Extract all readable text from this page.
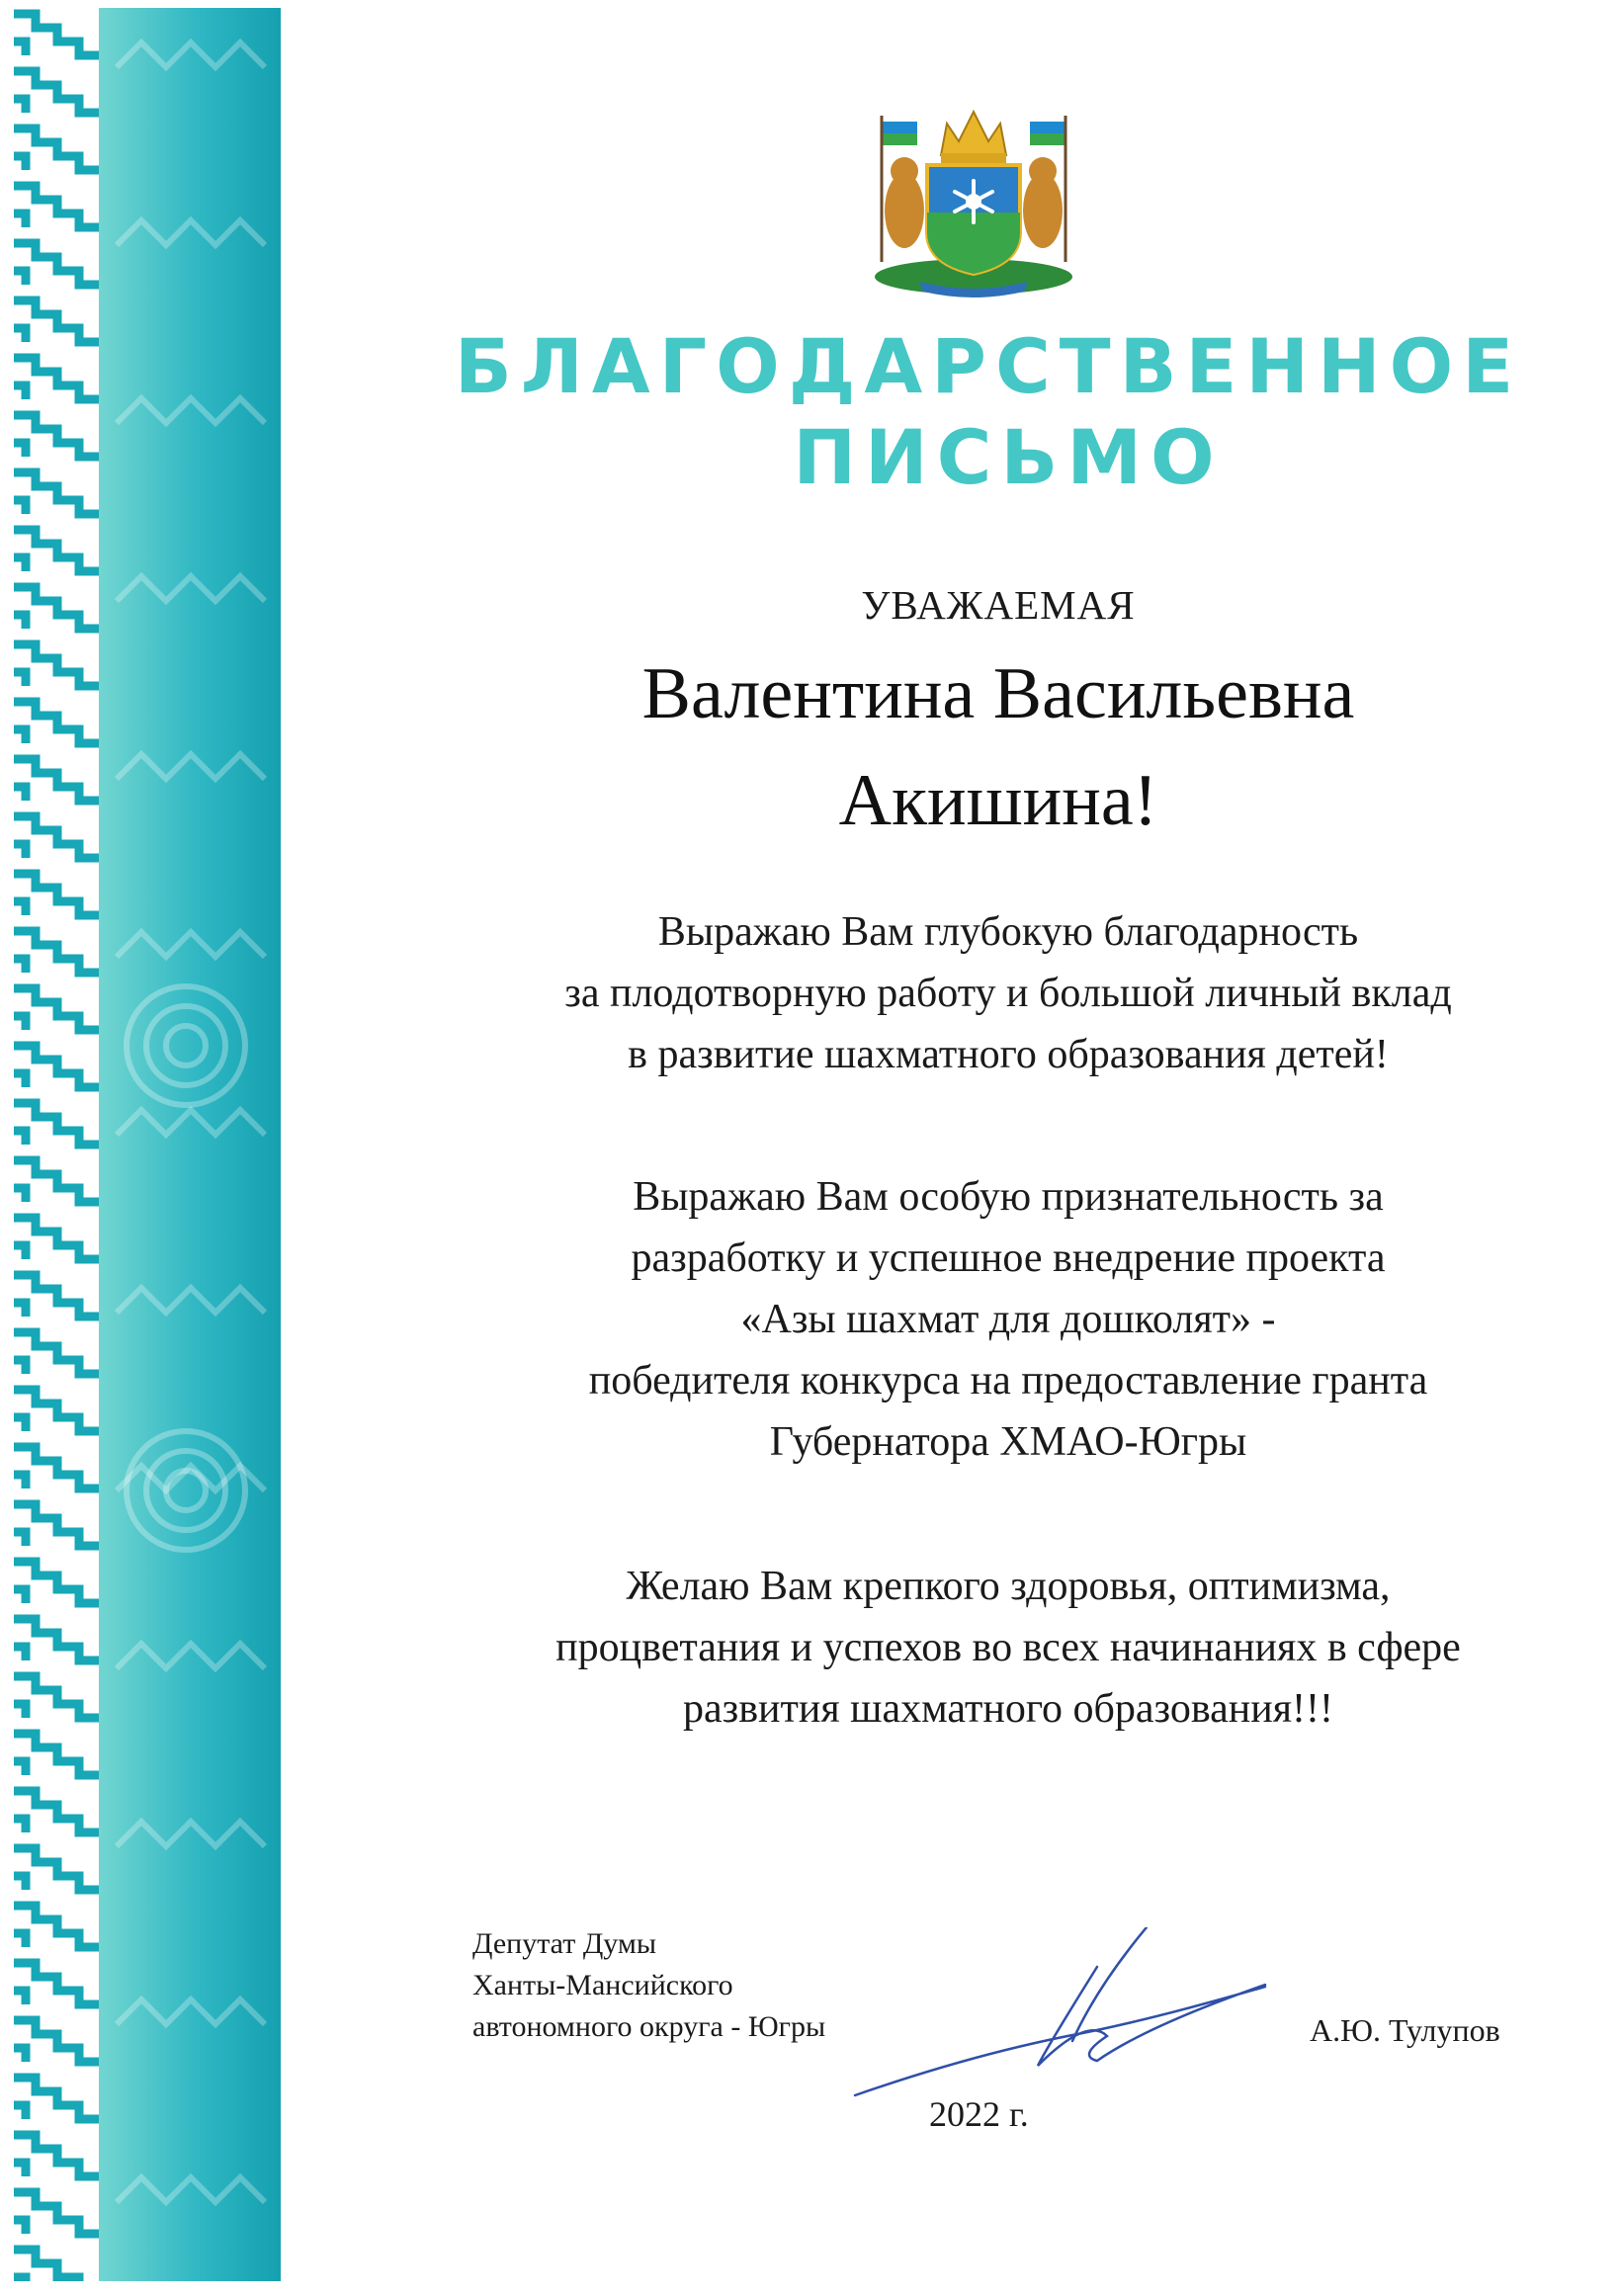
БЛАГОДАРСТВЕННОЕ
ПИСЬМО
УВАЖАЕМАЯ
Валентина Васильевна
Акишина!
Выражаю Вам глубокую благодарность
за плодотворную работу и большой личный вклад
в развитие шахматного образования детей!
Выражаю Вам особую признательность за
разработку и успешное внедрение проекта
«Азы шахмат для дошколят» -
победителя конкурса на предоставление гранта
Губернатора ХМАО-Югры
Желаю Вам крепкого здоровья, оптимизма,
процветания и успехов во всех начинаниях в сфере
развития шахматного образования!!!
Депутат Думы
Ханты-Мансийского
автономного округа - Югры	А.Ю. Тулупов
2022 г.
